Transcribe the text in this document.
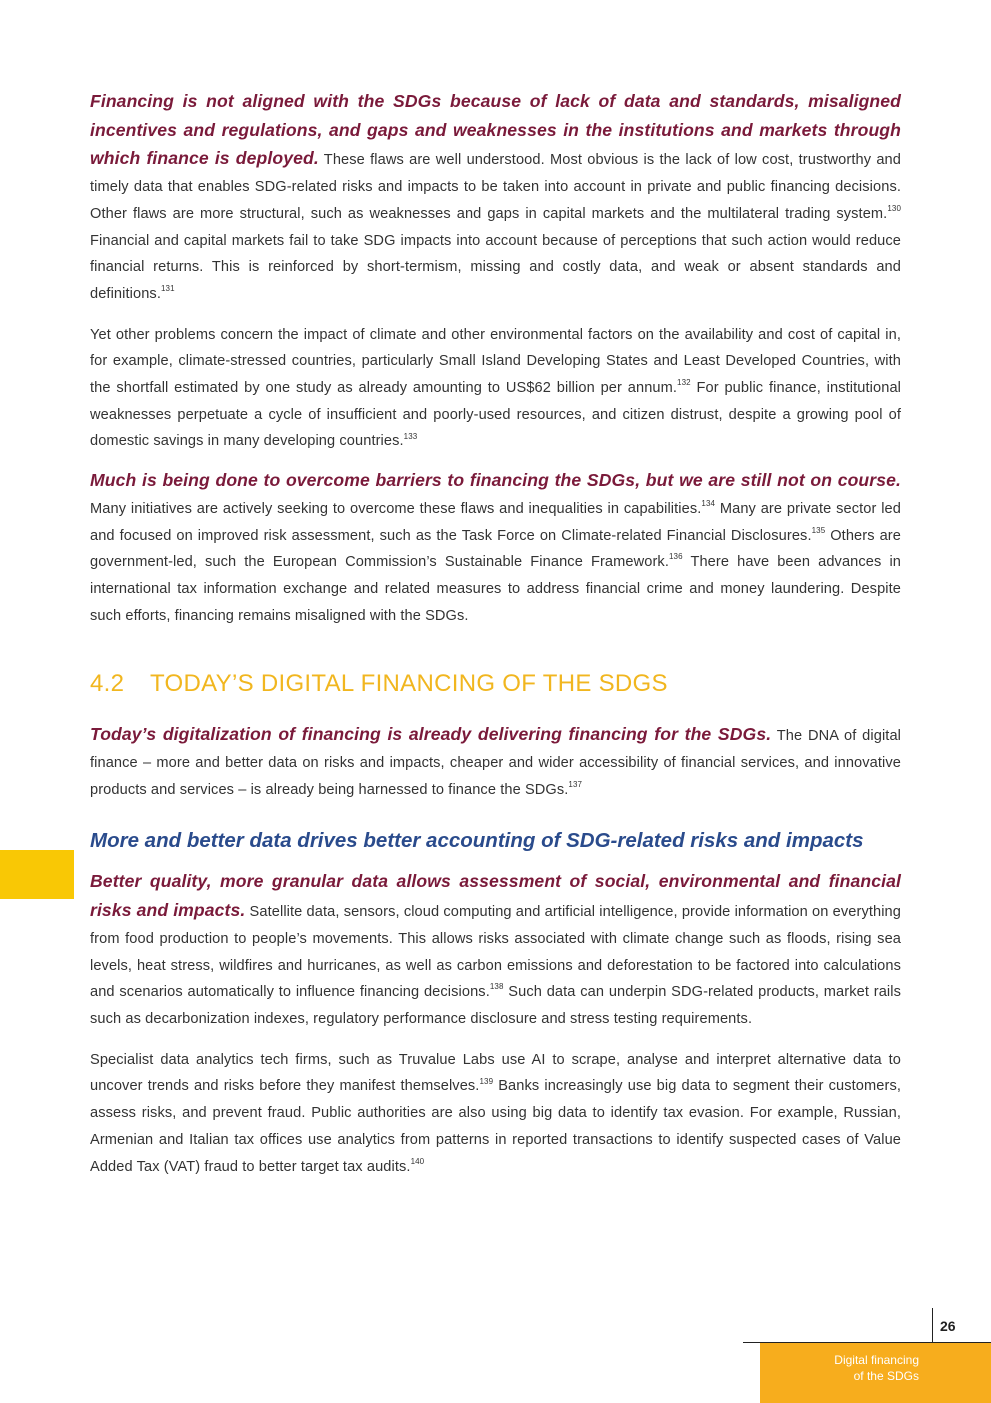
Financing is not aligned with the SDGs because of lack of data and standards, misaligned incentives and regulations, and gaps and weaknesses in the institutions and markets through which finance is deployed. These flaws are well understood. Most obvious is the lack of low cost, trustworthy and timely data that enables SDG-related risks and impacts to be taken into account in private and public financing decisions. Other flaws are more structural, such as weaknesses and gaps in capital markets and the multilateral trading system.$^{130}$ Financial and capital markets fail to take SDG impacts into account because of perceptions that such action would reduce financial returns. This is reinforced by short-termism, missing and costly data, and weak or absent standards and definitions.$^{131}$

Yet other problems concern the impact of climate and other environmental factors on the availability and cost of capital in, for example, climate-stressed countries, particularly Small Island Developing States and Least Developed Countries, with the shortfall estimated by one study as already amounting to US$62 billion per annum.$^{132}$ For public finance, institutional weaknesses perpetuate a cycle of insufficient and poorly-used resources, and citizen distrust, despite a growing pool of domestic savings in many developing countries.$^{133}$

Much is being done to overcome barriers to financing the SDGs, but we are still not on course. Many initiatives are actively seeking to overcome these flaws and inequalities in capabilities.$^{134}$ Many are private sector led and focused on improved risk assessment, such as the Task Force on Climate-related Financial Disclosures.$^{135}$ Others are government-led, such the European Commission’s Sustainable Finance Framework.$^{136}$ There have been advances in international tax information exchange and related measures to address financial crime and money laundering. Despite such efforts, financing remains misaligned with the SDGs.

4.2 TODAY’S DIGITAL FINANCING OF THE SDGS

Today’s digitalization of financing is already delivering financing for the SDGs. The DNA of digital finance – more and better data on risks and impacts, cheaper and wider accessibility of financial services, and innovative products and services – is already being harnessed to finance the SDGs.$^{137}$

More and better data drives better accounting of SDG-related risks and impacts

Better quality, more granular data allows assessment of social, environmental and financial risks and impacts. Satellite data, sensors, cloud computing and artificial intelligence, provide information on everything from food production to people’s movements. This allows risks associated with climate change such as floods, rising sea levels, heat stress, wildfires and hurricanes, as well as carbon emissions and deforestation to be factored into calculations and scenarios automatically to influence financing decisions.$^{138}$ Such data can underpin SDG-related products, market rails such as decarbonization indexes, regulatory performance disclosure and stress testing requirements.

Specialist data analytics tech firms, such as Truvalue Labs use AI to scrape, analyse and interpret alternative data to uncover trends and risks before they manifest themselves.$^{139}$ Banks increasingly use big data to segment their customers, assess risks, and prevent fraud. Public authorities are also using big data to identify tax evasion. For example, Russian, Armenian and Italian tax offices use analytics from patterns in reported transactions to identify suspected cases of Value Added Tax (VAT) fraud to better target tax audits.$^{140}$

26
Digital financing
of the SDGs
